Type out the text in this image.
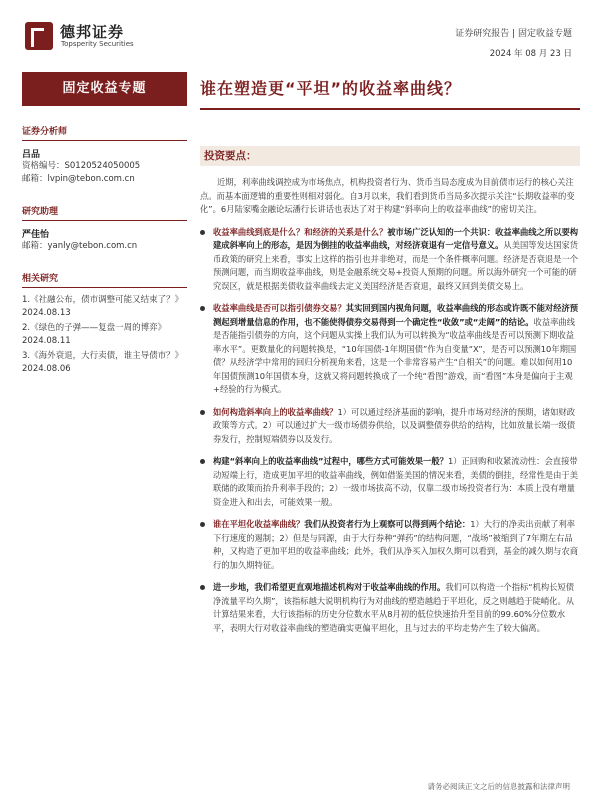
德邦证券
Topsperity Securities
证券研究报告 | 固定收益专题
2024 年 08 月 23 日
固定收益专题
证券分析师
吕品
资格编号：S0120524050005
邮箱：lvpin@tebon.com.cn
研究助理
严佳怡
邮箱：yanly@tebon.com.cn
相关研究
1.《社融公布，债市调整可能又结束了？》 2024.08.13
2.《绿色的子弹——复盘一周的博弈》 2024.08.11
3.《海外衰退，大行卖债，谁主导债市？》 2024.08.06
谁在塑造更“平坦”的收益率曲线？
投资要点：

近期，利率曲线调控成为市场焦点，机构投资者行为、货币当局态度成为目前债市运行的核心关注点。而基本面逻辑的重要性则相对弱化。自3月以来，我们看到货币当局多次提示关注“长期收益率的变化”。6月陆家嘴金融论坛潘行长讲话也表达了对于构建“斜率向上的收益率曲线”的密切关注。

收益率曲线到底是什么？和经济的关系是什么？被市场广泛认知的一个共识：收益率曲线之所以要构建成斜率向上的形态，是因为倒挂的收益率曲线，对经济衰退有一定信号意义。从美国等发达国家货币政策的研究上来看，事实上这样的指引也并非绝对，而是一个条件概率问题。经济是否衰退是一个预测问题，而当期收益率曲线，则是金融系统交易+投资人预期的问题。所以海外研究一个可能的研究误区，就是根据美债收益率曲线去定义美国经济是否衰退，最终又回到美债交易上。
收益率曲线是否可以指引债券交易？其实回到国内视角问题，收益率曲线的形态或许既不能对经济预测起到增量信息的作用，也不能使得债券交易得到一个确定性“收敛”或“走阔”的结论。收益率曲线是否能指引债券的方向，这个问题从实操上我们认为可以转换为“收益率曲线是否可以预测下期收益率水平”。更数量化的问题转换是，“10年国债-1年期国债”作为自变量“X”，是否可以预测10年期国债？从经济学中常用的回归分析视角来看，这是一个非常容易产生“自相关”的问题。难以如何用10年国债预测10年国债本身，这就又将问题转换成了一个纯“看图”游戏，而“看图”本身是偏向于主观+经验的行为模式。
如何构造斜率向上的收益率曲线？1）可以通过经济基面的影响，提升市场对经济的预期，诸如财政政策等方式。2）可以通过扩大一级市场债券供给，以及调整债券供给的结构，比如放量长端一级债券发行，控制短端债券以及发行。
构建“斜率向上的收益率曲线”过程中，哪些方式可能效果一般？1）正回购和收紧流动性：会直接带动短端上行，造成更加平坦的收益率曲线，例如借鉴美国的情况来看，美债的倒挂，经常性是由于美联储的政策而抬升利率手段的；2）一级市场拔高不动，仅靠二级市场投资者行为：本质上没有增量资金进入和出去，可能效果一般。
谁在平坦化收益率曲线？我们从投资者行为上观察可以得到两个结论：1）大行的净卖出贡献了利率下行速度的遏制；2）但是与同源，由于大行券种“弹药”的结构问题，“战场”被缩到了7年期左右品种，又构造了更加平坦的收益率曲线；此外，我们从净买入加权久期可以看到，基金的减久期与农商行的加久期特征。
进一步地，我们希望更直观地描述机构对于收益率曲线的作用。我们可以构造一个指标“机构长短债净流量平均久期”，该指标越大说明机构行为对曲线的塑造越趋于平坦化，反之则越趋于陡峭化。从计算结果来看，大行该指标的历史分位数水平从8月初的低位快速抬升至目前的99.60%分位数水平，表明大行对收益率曲线的塑造确实更偏平坦化，且与过去的平均走势产生了较大偏离。
请务必阅读正文之后的信息披露和法律声明
